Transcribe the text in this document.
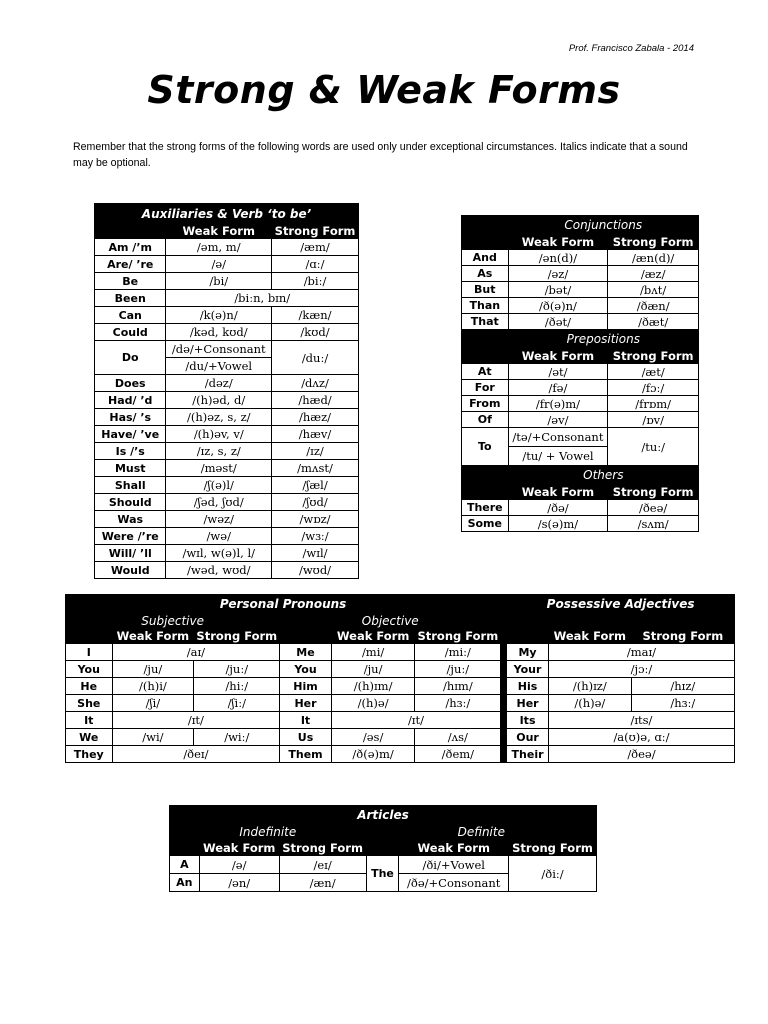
Prof. Francisco Zabala - 2014
Strong & Weak Forms
Remember that the strong forms of the following words are used only under exceptional circumstances. Italics indicate that a sound may be optional.
Auxiliaries & Verb ‘to be’		
	Weak Form	Strong Form
Am /’m	/əm, m/	/æm/
Are/ ’re	/ə/	/ɑː/
Be	/bi/	/biː/
Been	/biːn, bɪn/	
Can	/k(ə)n/	/kæn/
Could	/kəd, kʊd/	/kʊd/
Do	/də/+Consonant	/duː/
	/du/+Vowel	
Does	/dəz/	/dʌz/
Had/ ’d	/(h)əd, d/	/hæd/
Has/ ’s	/(h)əz, s, z/	/hæz/
Have/ ’ve	/(h)əv, v/	/hæv/
Is /’s	/ɪz, s, z/	/ɪz/
Must	/məst/	/mʌst/
Shall	/ʃ(ə)l/	/ʃæl/
Should	/ʃəd, ʃʊd/	/ʃʊd/
Was	/wəz/	/wɒz/
Were /’re	/wə/	/wɜː/
Will/ ’ll	/wɪl, w(ə)l, l/	/wɪl/
Would	/wəd, wʊd/	/wʊd/
	Conjunctions	
	Weak Form	Strong Form
And	/ən(d)/	/æn(d)/
As	/əz/	/æz/
But	/bət/	/bʌt/
Than	/ð(ə)n/	/ðæn/
That	/ðət/	/ðæt/
	Prepositions	
	Weak Form	Strong Form
At	/ət/	/æt/
For	/fə/	/fɔː/
From	/fr(ə)m/	/frɒm/
Of	/əv/	/ɒv/
To	/tə/+Consonant	/tuː/
	/tu/ + Vowel	
	Others	
	Weak Form	Strong Form
There	/ðə/	/ðeə/
Some	/s(ə)m/	/sʌm/
Personal Pronouns							Possessive Adjectives		
Subjective			Objective						
	Weak Form	Strong Form		Weak Form	Strong Form			Weak Form	Strong Form
I	/aɪ/		Me	/mi/	/miː/		My	/maɪ/	
You	/ju/	/juː/	You	/ju/	/juː/		Your	/jɔː/	
He	/(h)i/	/hiː/	Him	/(h)ɪm/	/hɪm/		His	/(h)ɪz/	/hɪz/
She	/ʃi/	/ʃiː/	Her	/(h)ə/	/hɜː/		Her	/(h)ə/	/hɜː/
It	/ɪt/		It	/ɪt/			Its	/ɪts/	
We	/wi/	/wiː/	Us	/əs/	/ʌs/		Our	/a(ʊ)ə, ɑː/	
They	/ðeɪ/		Them	/ð(ə)m/	/ðem/		Their	/ðeə/	
Articles					
Indefinite			Definite		
	Weak Form	Strong Form		Weak Form	Strong Form
A	/ə/	/eɪ/	The	/ði/+Vowel	/ðiː/
An	/ən/	/æn/		/ðə/+Consonant	
